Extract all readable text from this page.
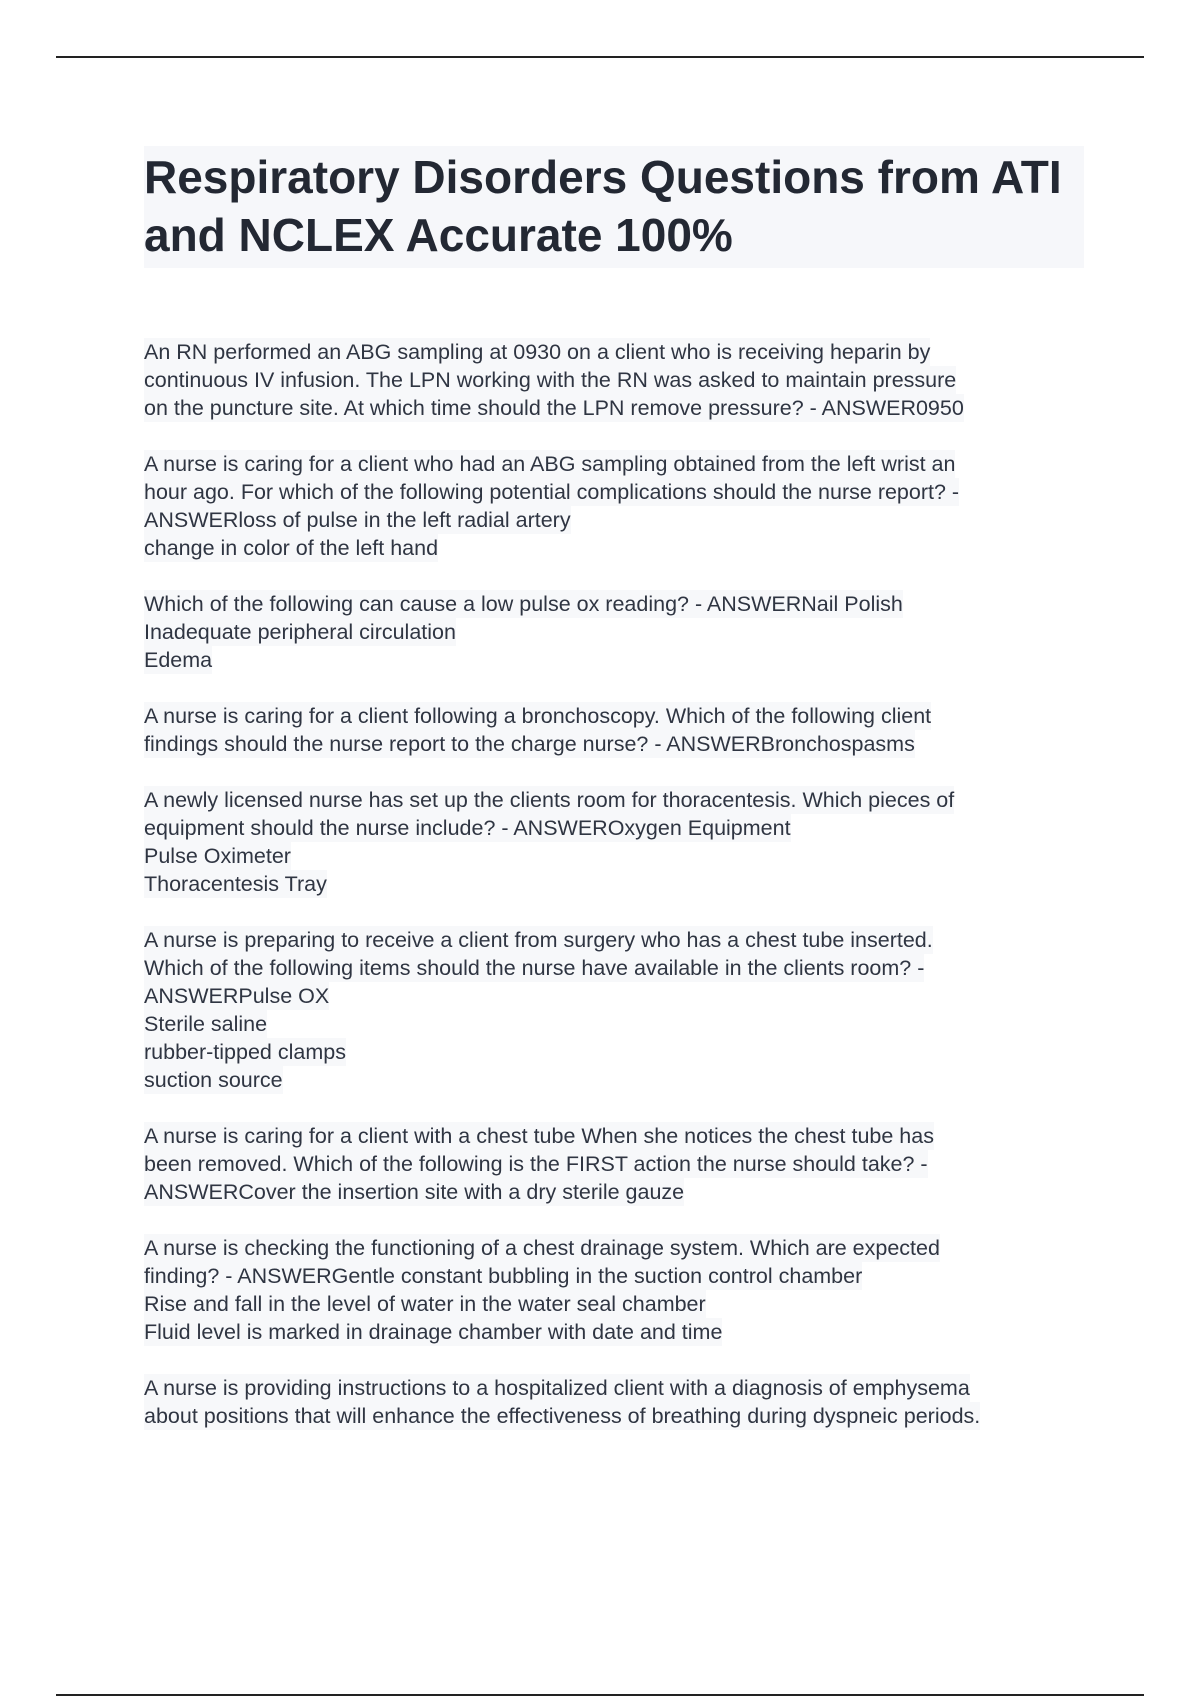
Respiratory Disorders Questions from ATI and NCLEX Accurate 100%
An RN performed an ABG sampling at 0930 on a client who is receiving heparin by
continuous IV infusion. The LPN working with the RN was asked to maintain pressure
on the puncture site. At which time should the LPN remove pressure? - ANSWER0950
A nurse is caring for a client who had an ABG sampling obtained from the left wrist an
hour ago. For which of the following potential complications should the nurse report? -
ANSWERloss of pulse in the left radial artery
change in color of the left hand
Which of the following can cause a low pulse ox reading? - ANSWERNail Polish
Inadequate peripheral circulation
Edema
A nurse is caring for a client following a bronchoscopy. Which of the following client
findings should the nurse report to the charge nurse? - ANSWERBronchospasms
A newly licensed nurse has set up the clients room for thoracentesis. Which pieces of
equipment should the nurse include? - ANSWEROxygen Equipment
Pulse Oximeter
Thoracentesis Tray
A nurse is preparing to receive a client from surgery who has a chest tube inserted.
Which of the following items should the nurse have available in the clients room? -
ANSWERPulse OX
Sterile saline
rubber-tipped clamps
suction source
A nurse is caring for a client with a chest tube When she notices the chest tube has
been removed. Which of the following is the FIRST action the nurse should take? -
ANSWERCover the insertion site with a dry sterile gauze
A nurse is checking the functioning of a chest drainage system. Which are expected
finding? - ANSWERGentle constant bubbling in the suction control chamber
Rise and fall in the level of water in the water seal chamber
Fluid level is marked in drainage chamber with date and time
A nurse is providing instructions to a hospitalized client with a diagnosis of emphysema
about positions that will enhance the effectiveness of breathing during dyspneic periods.
